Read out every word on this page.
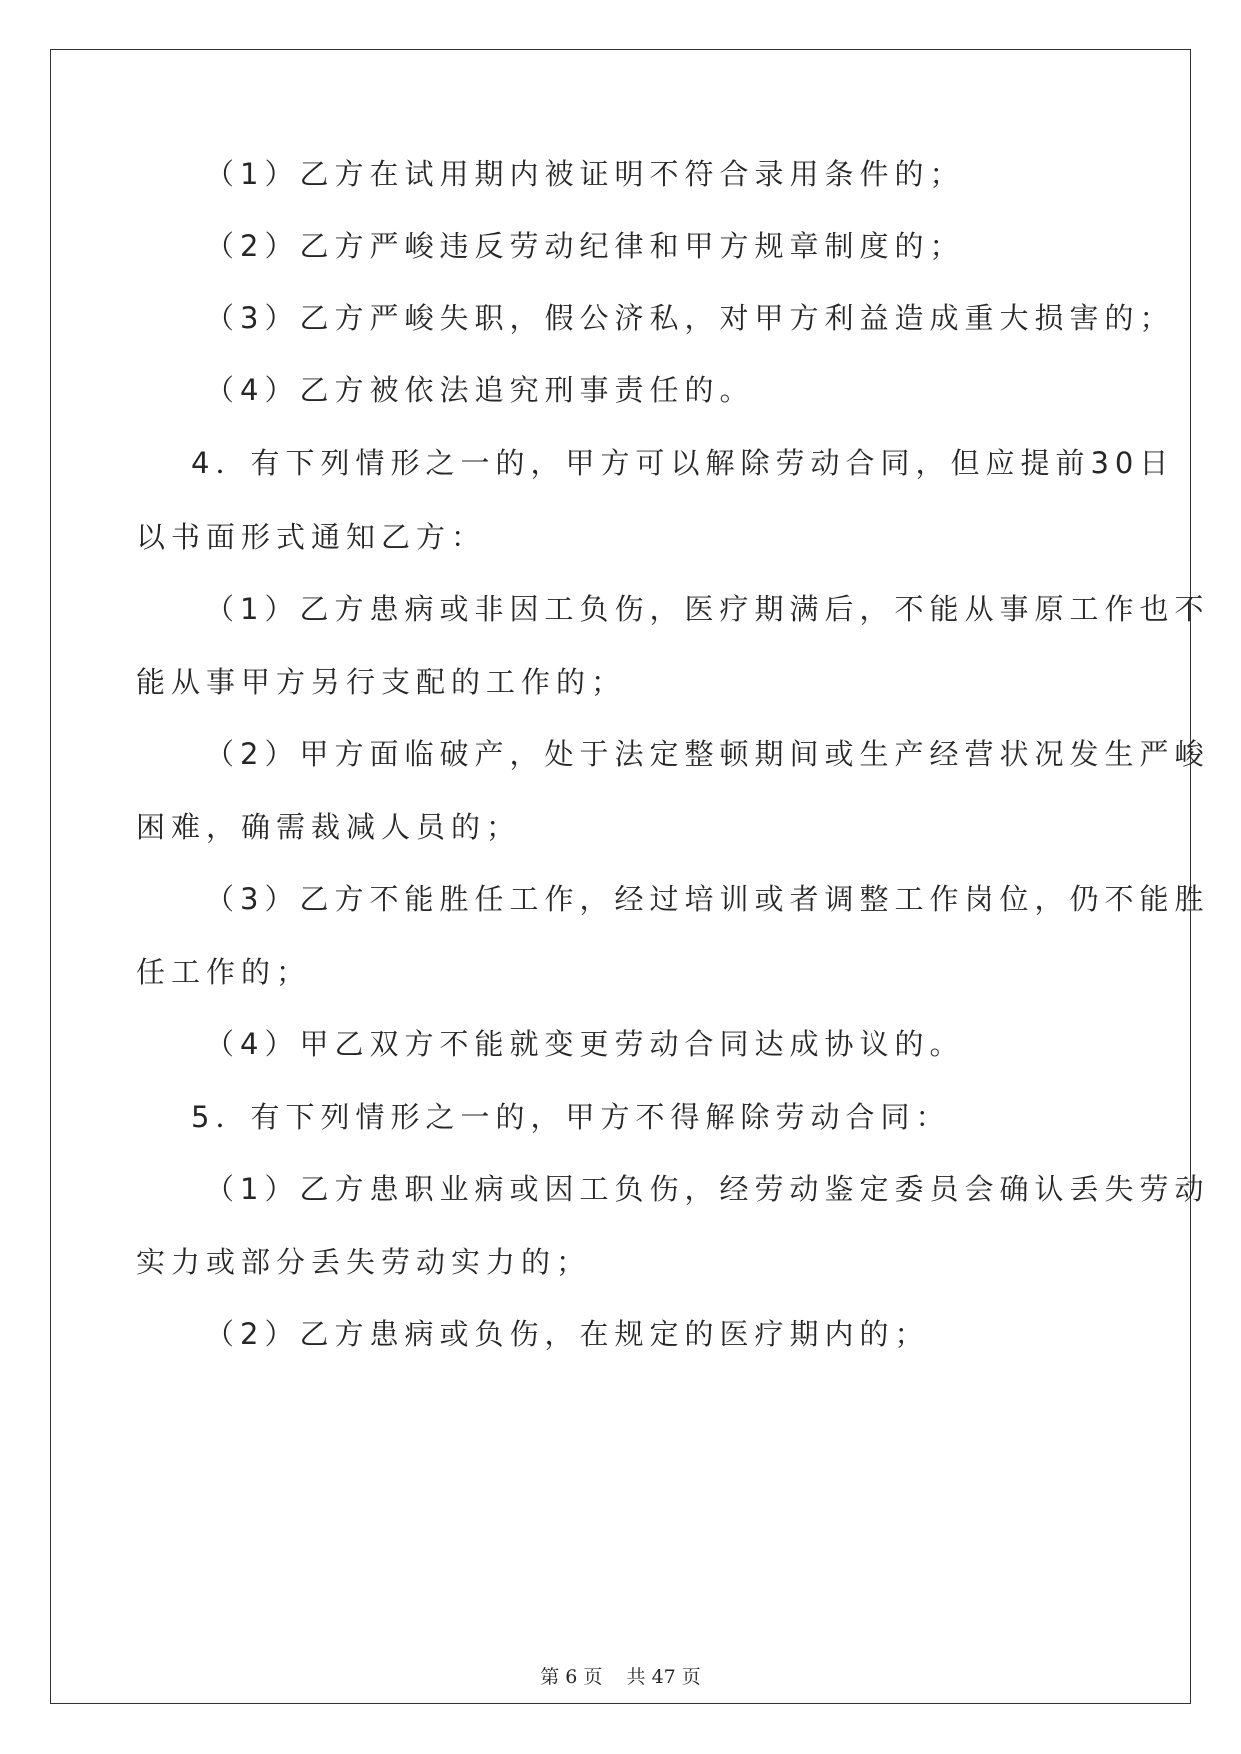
（1）乙方在试用期内被证明不符合录用条件的；
（2）乙方严峻违反劳动纪律和甲方规章制度的；
（3）乙方严峻失职，假公济私，对甲方利益造成重大损害的；
（4）乙方被依法追究刑事责任的。
4．有下列情形之一的，甲方可以解除劳动合同，但应提前30日
以书面形式通知乙方：
（1）乙方患病或非因工负伤，医疗期满后，不能从事原工作也不
能从事甲方另行支配的工作的；
（2）甲方面临破产，处于法定整顿期间或生产经营状况发生严峻
困难，确需裁减人员的；
（3）乙方不能胜任工作，经过培训或者调整工作岗位，仍不能胜
任工作的；
（4）甲乙双方不能就变更劳动合同达成协议的。
5．有下列情形之一的，甲方不得解除劳动合同：
（1）乙方患职业病或因工负伤，经劳动鉴定委员会确认丢失劳动
实力或部分丢失劳动实力的；
（2）乙方患病或负伤，在规定的医疗期内的；
第 6 页    共 47 页
